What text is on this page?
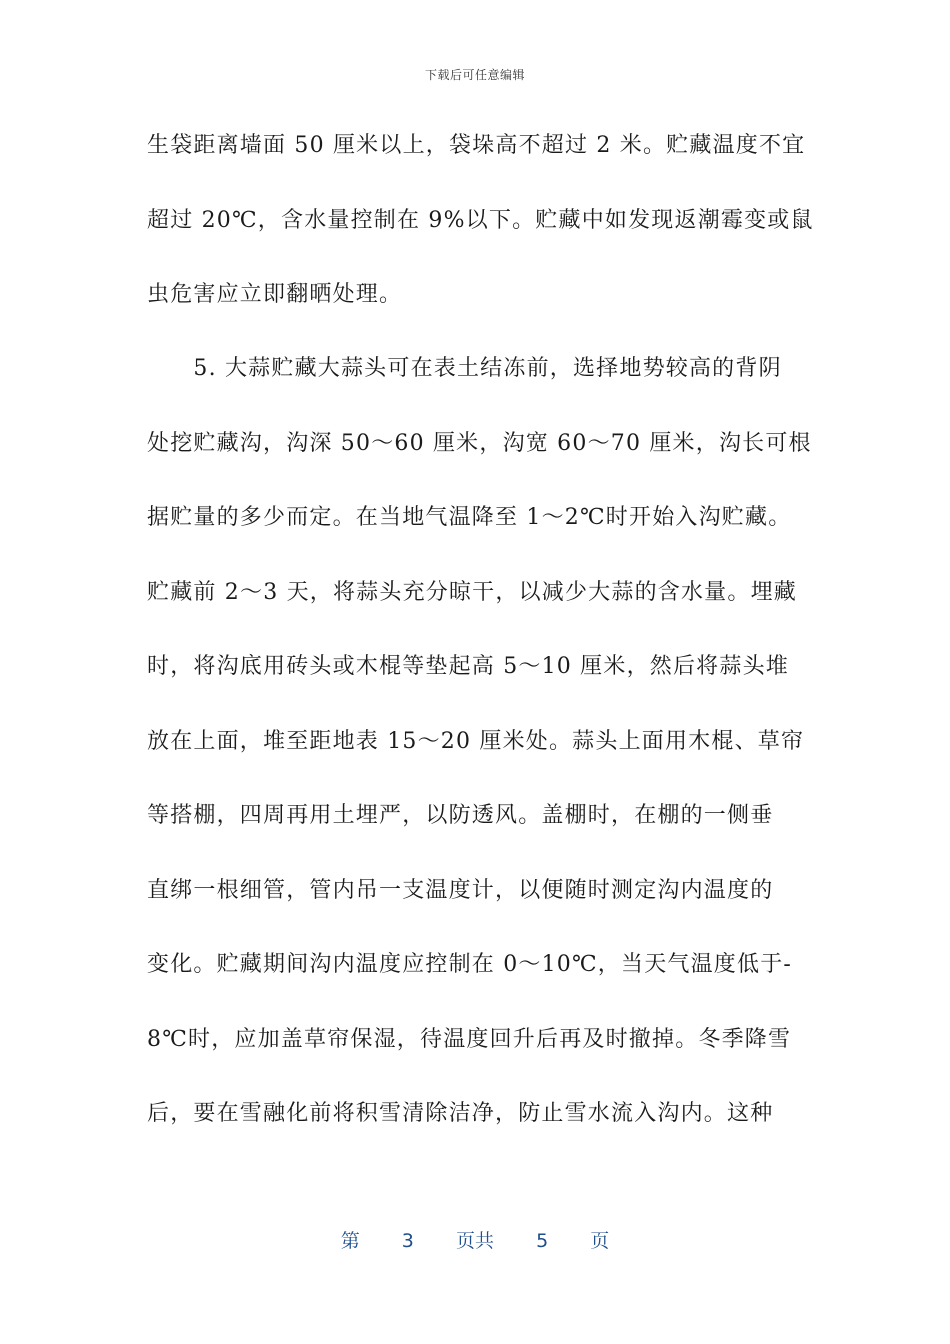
下载后可任意编辑
生袋距离墙面 50 厘米以上，袋垛高不超过 2 米。贮藏温度不宜
超过 20℃，含水量控制在 9%以下。贮藏中如发现返潮霉变或鼠
虫危害应立即翻晒处理。
　　5. 大蒜贮藏大蒜头可在表土结冻前，选择地势较高的背阴
处挖贮藏沟，沟深 50～60 厘米，沟宽 60～70 厘米，沟长可根
据贮量的多少而定。在当地气温降至 1～2℃时开始入沟贮藏。
贮藏前 2～3 天，将蒜头充分晾干，以减少大蒜的含水量。埋藏
时，将沟底用砖头或木棍等垫起高 5～10 厘米，然后将蒜头堆
放在上面，堆至距地表 15～20 厘米处。蒜头上面用木棍、草帘
等搭棚，四周再用土埋严，以防透风。盖棚时，在棚的一侧垂
直绑一根细管，管内吊一支温度计，以便随时测定沟内温度的
变化。贮藏期间沟内温度应控制在 0～10℃，当天气温度低于-
8℃时，应加盖草帘保湿，待温度回升后再及时撤掉。冬季降雪
后，要在雪融化前将积雪清除洁净，防止雪水流入沟内。这种
第 3 页共 5 页
